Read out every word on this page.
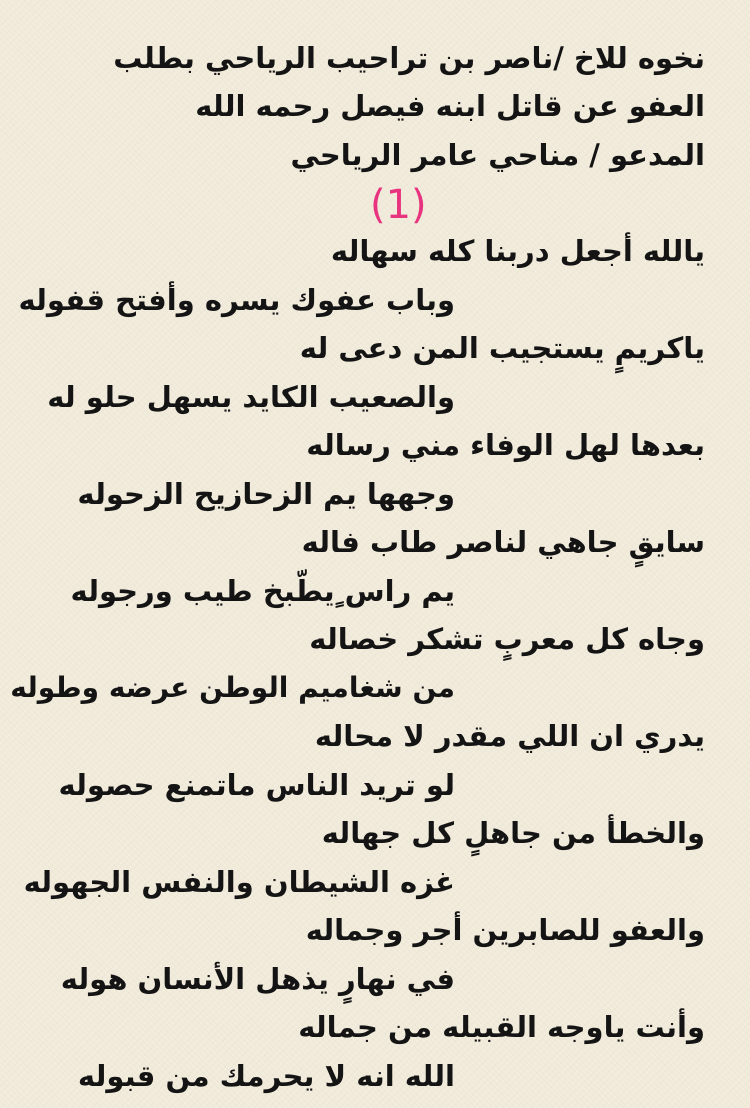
نخوه للاخ /ناصر بن تراحيب الرياحي بطلب
العفو عن قاتل ابنه فيصل رحمه الله
المدعو / مناحي عامر الرياحي
(1)
يالله أجعل دربنا كله سهاله
وباب عفوك يسره وأفتح قفوله
ياكريمٍ يستجيب المن دعى له
والصعيب الكايد يسهل حلو له
بعدها لهل الوفاء مني رساله
وجهها يم الزحازيح الزحوله
سايقٍ جاهي لناصر طاب فاله
يم راس ٍيطّبخ طيب ورجوله
وجاه كل معربٍ تشكر خصاله
من شغاميم الوطن عرضه وطوله
يدري ان اللي مقدر لا محاله
لو تريد الناس ماتمنع حصوله
والخطأ من جاهلٍ كل جهاله
غزه الشيطان والنفس الجهوله
والعفو للصابرين أجر وجماله
في نهارٍ يذهل الأنسان هوله
وأنت ياوجه القبيله من جماله
الله انه لا يحرمك من قبوله
